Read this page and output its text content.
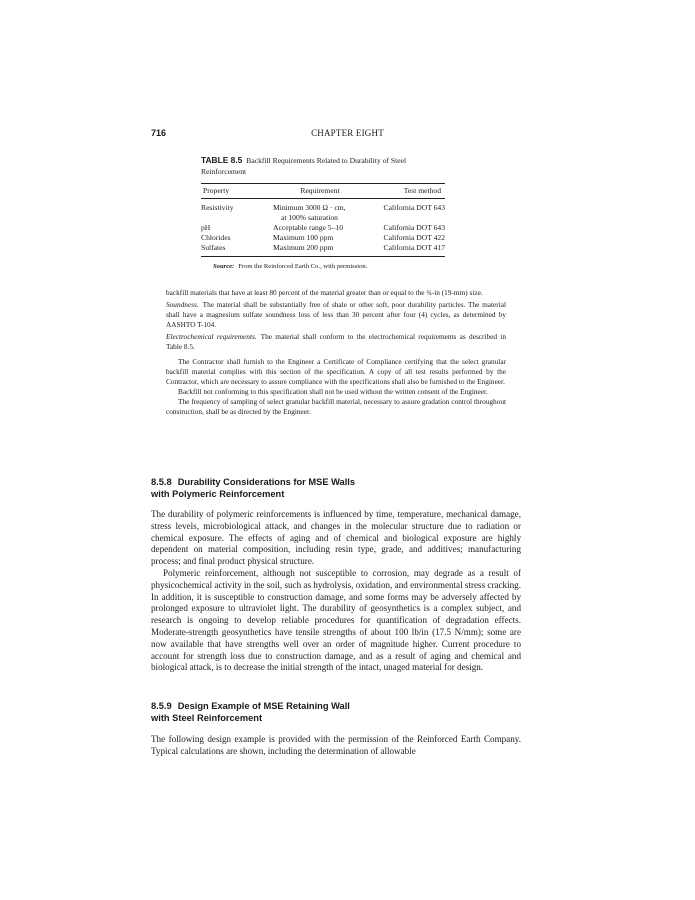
716	CHAPTER EIGHT
TABLE 8.5 Backfill Requirements Related to Durability of Steel Reinforcement
Property	Requirement	Test method
Resistivity	Minimum 3000 Ω · cm,	California DOT 643
at 100% saturation
pH	Acceptable range 5–10	California DOT 643
Chlorides	Maximum 100 ppm	California DOT 422
Sulfates	Maximum 200 ppm	California DOT 417
Source: From the Reinforced Earth Co., with permission.

backfill materials that have at least 80 percent of the material greater than or equal to the ¾-in (19-mm) size.

Soundness. The material shall be substantially free of shale or other soft, poor durability particles. The material shall have a magnesium sulfate soundness loss of less than 30 percent after four (4) cycles, as determined by AASHTO T-104.

Electrochemical requirements. The material shall conform to the electrochemical requirements as described in Table 8.5.

The Contractor shall furnish to the Engineer a Certificate of Compliance certifying that the select granular backfill material complies with this section of the specification. A copy of all test results performed by the Contractor, which are necessary to assure compliance with the specifications shall also be furnished to the Engineer.

Backfill not conforming to this specification shall not be used without the written consent of the Engineer.

The frequency of sampling of select granular backfill material, necessary to assure gradation control throughout construction, shall be as directed by the Engineer.

8.5.8 Durability Considerations for MSE Walls
with Polymeric Reinforcement

The durability of polymeric reinforcements is influenced by time, temperature, mechanical damage, stress levels, microbiological attack, and changes in the molecular structure due to radiation or chemical exposure. The effects of aging and of chemical and biological exposure are highly dependent on material composition, including resin type, grade, and additives; manufacturing process; and final product physical structure.

Polymeric reinforcement, although not susceptible to corrosion, may degrade as a result of physicochemical activity in the soil, such as hydrolysis, oxidation, and environmental stress cracking. In addition, it is susceptible to construction damage, and some forms may be adversely affected by prolonged exposure to ultraviolet light. The durability of geosynthetics is a complex subject, and research is ongoing to develop reliable procedures for quantification of degradation effects. Moderate-strength geosynthetics have tensile strengths of about 100 lb/in (17.5 N/mm); some are now available that have strengths well over an order of magnitude higher. Current procedure to account for strength loss due to construction damage, and as a result of aging and chemical and biological attack, is to decrease the initial strength of the intact, unaged material for design.

8.5.9 Design Example of MSE Retaining Wall
with Steel Reinforcement

The following design example is provided with the permission of the Reinforced Earth Company. Typical calculations are shown, including the determination of allowable
